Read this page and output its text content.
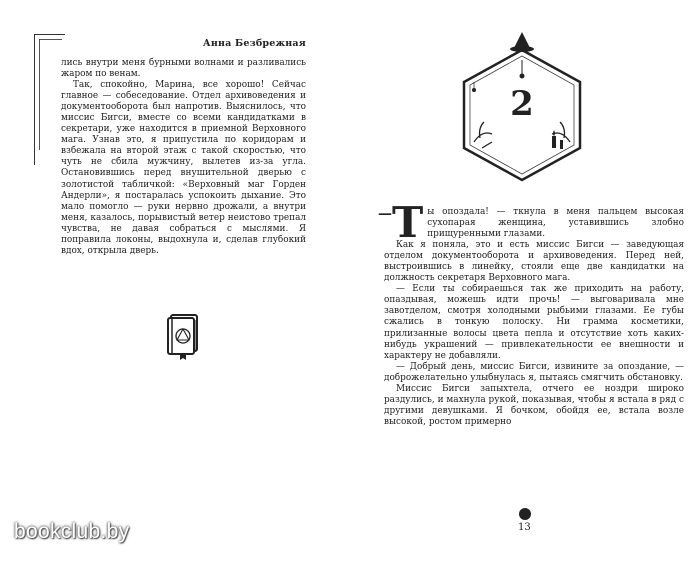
Анна Безбрежная

лись внутри меня бурными волнами и разливались жаром по венам.

Так, спокойно, Марина, все хорошо! Сейчас главное — собеседование. Отдел архивоведения и документооборота был напротив. Выяснилось, что миссис Бигси, вместе со всеми кандидатками в секретари, уже находится в приемной Верховного мага. Узнав это, я припустила по коридорам и взбежала на второй этаж с такой скоростью, что чуть не сбила мужчину, вылетев из-за угла. Остановившись перед внушительной дверью с золотистой табличкой: «Верховный маг Горден Андерли», я постаралась успокоить дыхание. Это мало помогло — руки нервно дрожали, а внутри меня, казалось, порывистый ветер неистово трепал чувства, не давая собраться с мыслями. Я поправила локоны, выдохнула и, сделав глубокий вдох, открыла дверь.

2
— Т ы опоздала! — ткнула в меня пальцем высокая сухопарая женщина, уставившись злобно прищуренными глазами.

Как я поняла, это и есть миссис Бигси — заведующая отделом документооборота и архивоведения. Перед ней, выстроившись в линейку, стояли еще две кандидатки на должность секретаря Верховного мага.

— Если ты собираешься так же приходить на работу, опаздывая, можешь идти прочь! — выговаривала мне завотделом, смотря холодными рыбьими глазами. Ее губы сжались в тонкую полоску. Ни грамма косметики, прилизанные волосы цвета пепла и отсутствие хоть каких-нибудь украшений — привлекательности ее внешности и характеру не добавляли.

— Добрый день, миссис Бигси, извините за опоздание, — доброжелательно улыбнулась я, пытаясь смягчить обстановку.

Миссис Бигси запыхтела, отчего ее ноздри широко раздулись, и махнула рукой, показывая, чтобы я встала в ряд с другими девушками. Я бочком, обойдя ее, встала возле высокой, ростом примерно

13
bookclub.by
